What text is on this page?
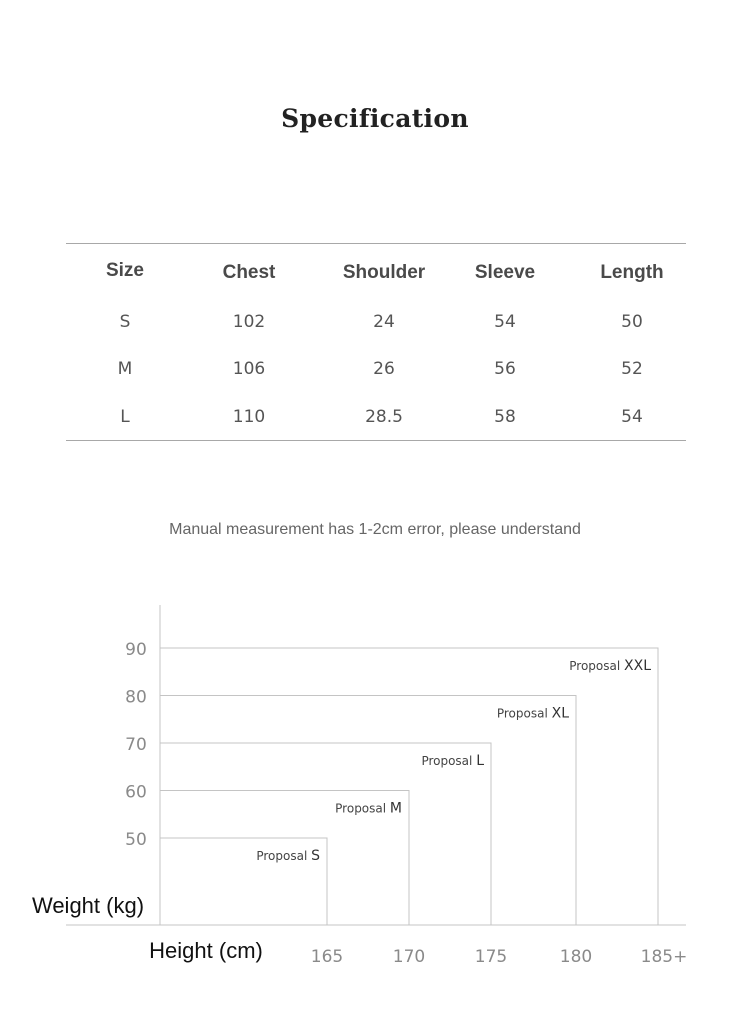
Specification
Size	Chest	Shoulder	Sleeve	Length
S	102	24	54	50
M	106	26	56	52
L	110	28.5	58	54
Manual measurement has 1-2cm error, please understand
Proposal XXL
Proposal XL
Proposal L
Proposal M
Proposal S
50
60
70
80
90
165	170	175	180	185+
Weight (kg)
Height (cm)
